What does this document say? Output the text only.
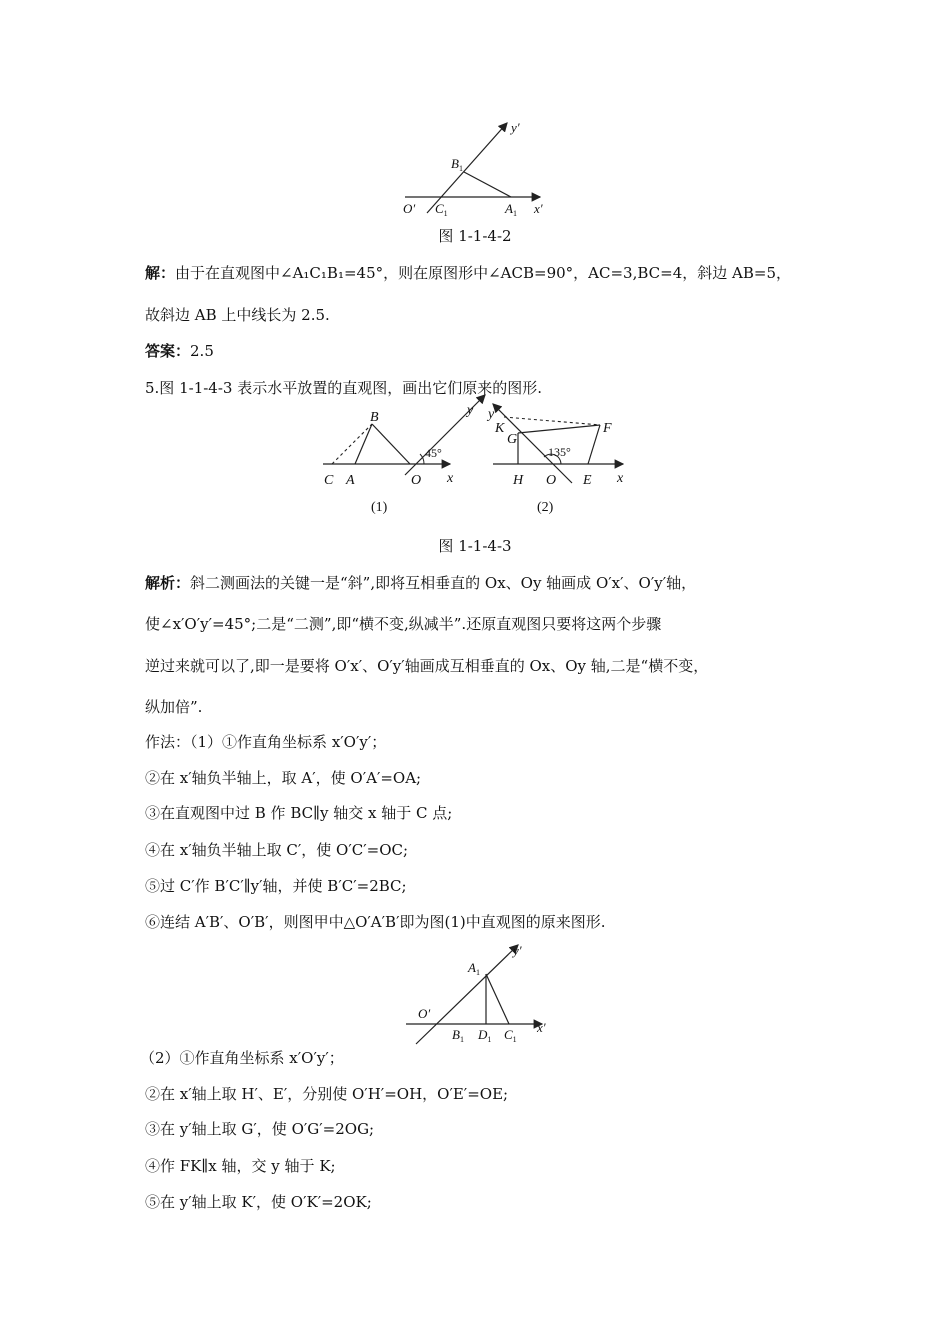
y′
$B_1$
O′ $C_1$	$A_1$ x′
图 1-1-4-2
解：由于在直观图中∠A₁C₁B₁=45°，则在原图形中∠ACB=90°，AC=3,BC=4，斜边 AB=5，
故斜边 AB 上中线长为 2.5.
答案：2.5
5.图 1-1-4-3 表示水平放置的直观图，画出它们原来的图形.
B	y
45°
C A	O x
(1)
y
K
G
F
135°
H O E x
(2)
图 1-1-4-3
解析：斜二测画法的关键一是“斜”,即将互相垂直的 Ox、Oy 轴画成 O′x′、O′y′轴，
使∠x′O′y′=45°;二是“二测”,即“横不变,纵减半”.还原直观图只要将这两个步骤
逆过来就可以了,即一是要将 O′x′、O′y′轴画成互相垂直的 Ox、Oy 轴,二是“横不变，
纵加倍”.
作法：（1）①作直角坐标系 x′O′y′；
②在 x′轴负半轴上，取 A′，使 O′A′=OA;
③在直观图中过 B 作 BC∥y 轴交 x 轴于 C 点;
④在 x′轴负半轴上取 C′，使 O′C′=OC;
⑤过 C′作 B′C′∥y′轴，并使 B′C′=2BC;
⑥连结 A′B′、O′B′，则图甲中△O′A′B′即为图(1)中直观图的原来图形.
$A_1$
y′
O′
$B_1$ $D_1$ $C_1$
x′
（2）①作直角坐标系 x′O′y′；
②在 x′轴上取 H′、E′，分别使 O′H′=OH，O′E′=OE;
③在 y′轴上取 G′，使 O′G′=2OG;
④作 FK∥x 轴，交 y 轴于 K;
⑤在 y′轴上取 K′，使 O′K′=2OK;
